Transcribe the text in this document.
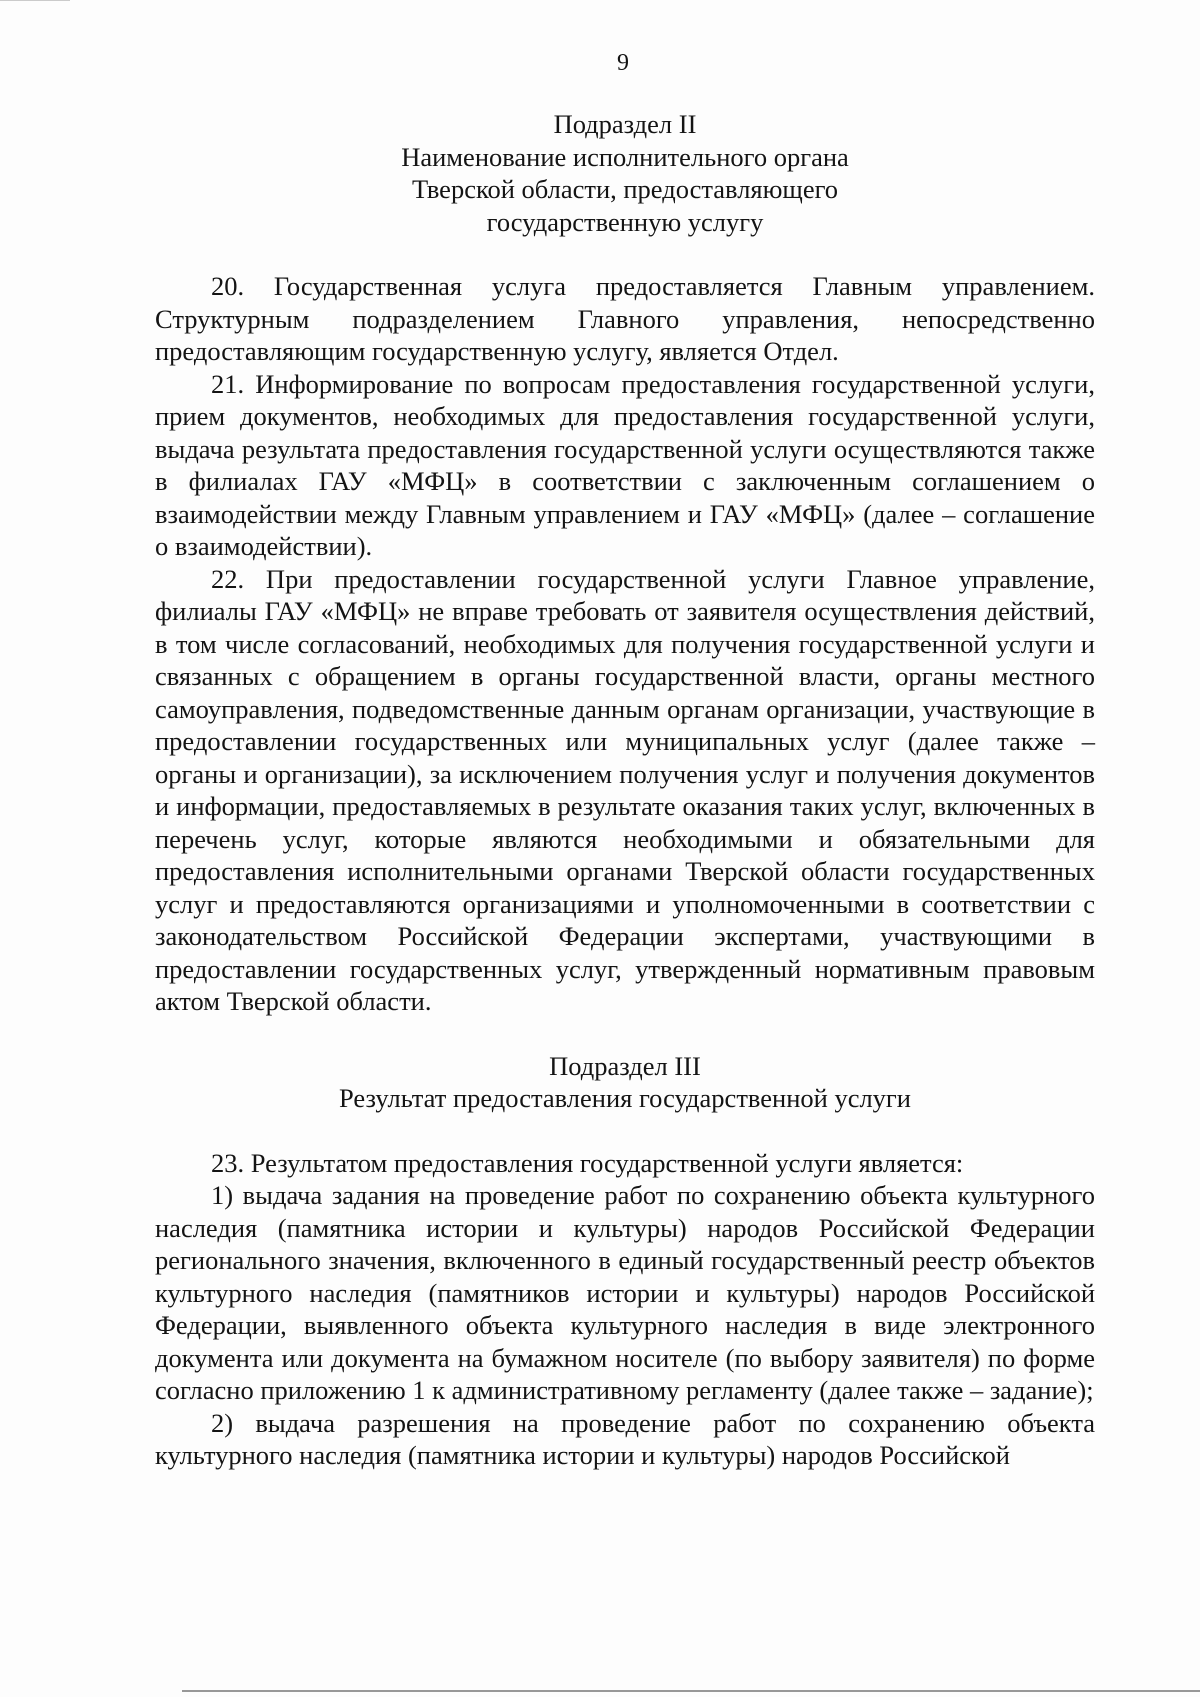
9
Подраздел II
Наименование исполнительного органа
Тверской области, предоставляющего
государственную услугу

20. Государственная услуга предоставляется Главным управлением. Структурным подразделением Главного управления, непосредственно предоставляющим государственную услугу, является Отдел.

21. Информирование по вопросам предоставления государственной услуги, прием документов, необходимых для предоставления государственной услуги, выдача результата предоставления государственной услуги осуществляются также в филиалах ГАУ «МФЦ» в соответствии с заключенным соглашением о взаимодействии между Главным управлением и ГАУ «МФЦ» (далее – соглашение о взаимодействии).

22. При предоставлении государственной услуги Главное управление, филиалы ГАУ «МФЦ» не вправе требовать от заявителя осуществления действий, в том числе согласований, необходимых для получения государственной услуги и связанных с обращением в органы государственной власти, органы местного самоуправления, подведомственные данным органам организации, участвующие в предоставлении государственных или муниципальных услуг (далее также – органы и организации), за исключением получения услуг и получения документов и информации, предоставляемых в результате оказания таких услуг, включенных в перечень услуг, которые являются необходимыми и обязательными для предоставления исполнительными органами Тверской области государственных услуг и предоставляются организациями и уполномоченными в соответствии с законодательством Российской Федерации экспертами, участвующими в предоставлении государственных услуг, утвержденный нормативным правовым актом Тверской области.

Подраздел III
Результат предоставления государственной услуги

23. Результатом предоставления государственной услуги является:

1) выдача задания на проведение работ по сохранению объекта культурного наследия (памятника истории и культуры) народов Российской Федерации регионального значения, включенного в единый государственный реестр объектов культурного наследия (памятников истории и культуры) народов Российской Федерации, выявленного объекта культурного наследия в виде электронного документа или документа на бумажном носителе (по выбору заявителя) по форме согласно приложению 1 к административному регламенту (далее также – задание);

2) выдача разрешения на проведение работ по сохранению объекта культурного наследия (памятника истории и культуры) народов Российской
